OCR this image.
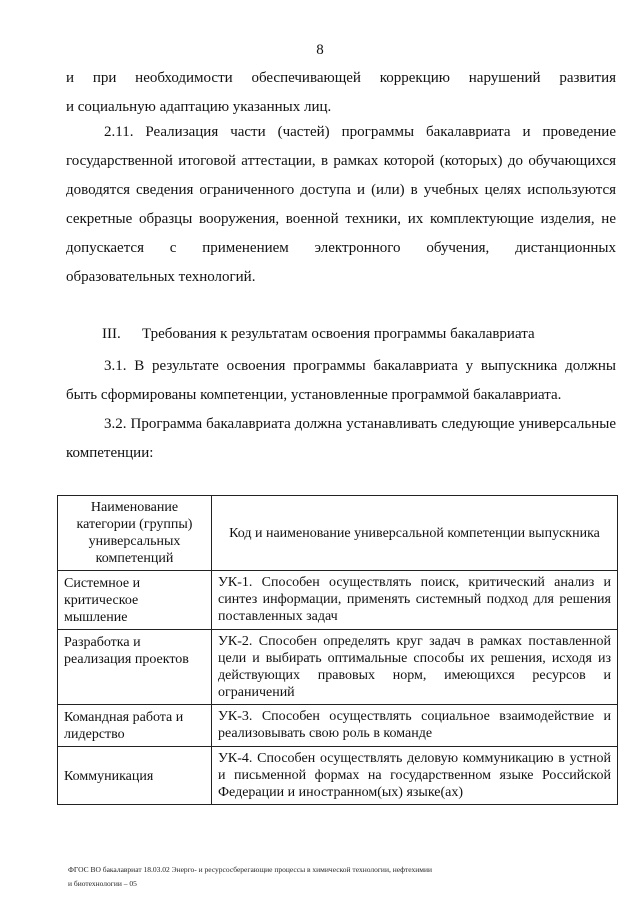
8

и при необходимости обеспечивающей коррекцию нарушений развития

и социальную адаптацию указанных лиц.

2.11. Реализация части (частей) программы бакалавриата и проведение государственной итоговой аттестации, в рамках которой (которых) до обучающихся доводятся сведения ограниченного доступа и (или) в учебных целях используются секретные образцы вооружения, военной техники, их комплектующие изделия, не допускается с применением электронного обучения, дистанционных образовательных технологий.

III. Требования к результатам освоения программы бакалавриата

3.1. В результате освоения программы бакалавриата у выпускника должны быть сформированы компетенции, установленные программой бакалавриата.

3.2. Программа бакалавриата должна устанавливать следующие универсальные компетенции:

Наименование категории (группы) универсальных компетенций	Код и наименование универсальной компетенции выпускника
Системное и критическое мышление	УК-1. Способен осуществлять поиск, критический анализ и синтез информации, применять системный подход для решения поставленных задач
Разработка и реализация проектов	УК-2. Способен определять круг задач в рамках поставленной цели и выбирать оптимальные способы их решения, исходя из действующих правовых норм, имеющихся ресурсов и ограничений
Командная работа и лидерство	УК-3. Способен осуществлять социальное взаимодействие и реализовывать свою роль в команде
Коммуникация	УК-4. Способен осуществлять деловую коммуникацию в устной и письменной формах на государственном языке Российской Федерации и иностранном(ых) языке(ах)
ФГОС ВО бакалавриат 18.03.02 Энерго- и ресурсосберегающие процессы в химической технологии, нефтехимии
и биотехнологии – 05
